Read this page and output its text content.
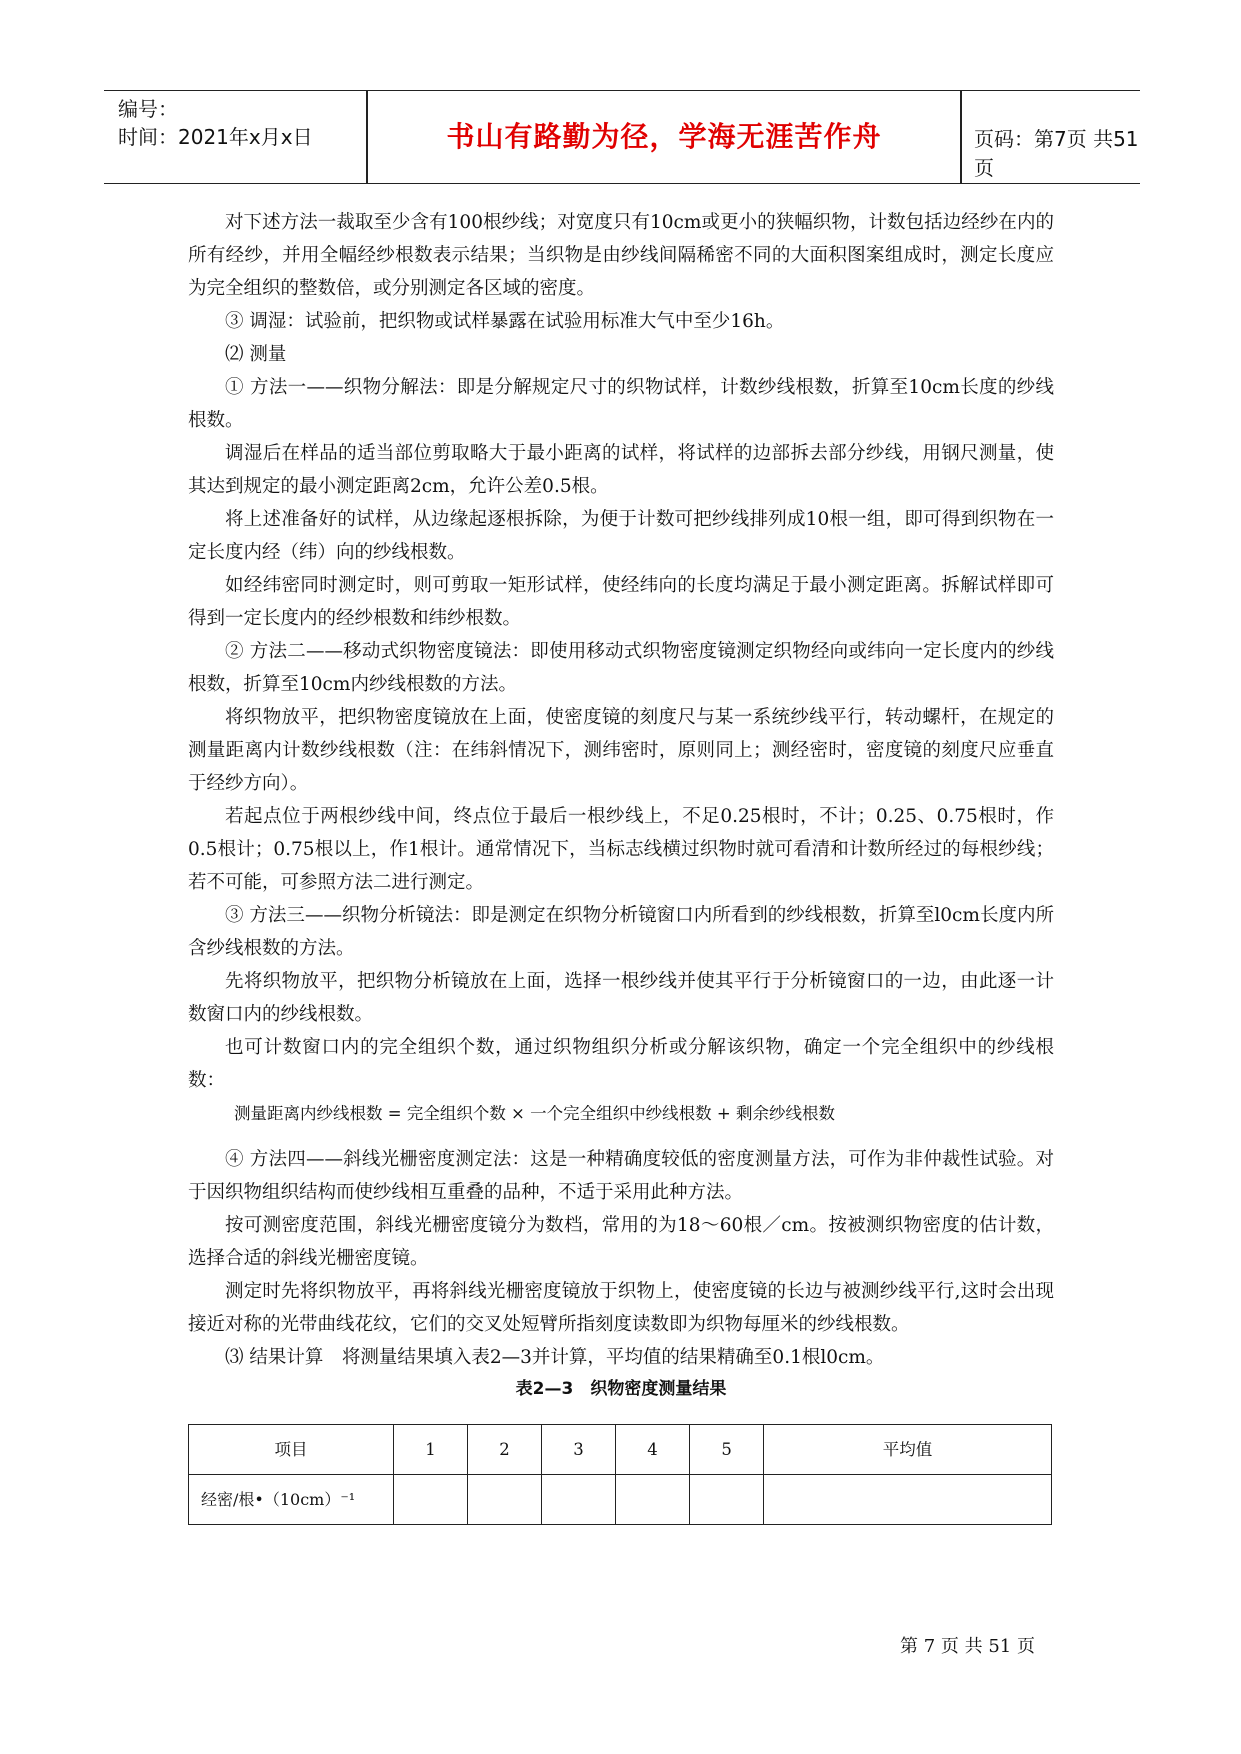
编号：
时间：2021年x月x日	书山有路勤为径，学海无涯苦作舟	页码：第7页 共51页

对下述方法一裁取至少含有100根纱线；对宽度只有10cm或更小的狭幅织物，计数包括边经纱在内的所有经纱，并用全幅经纱根数表示结果；当织物是由纱线间隔稀密不同的大面积图案组成时，测定长度应为完全组织的整数倍，或分别测定各区域的密度。

③ 调湿：试验前，把织物或试样暴露在试验用标准大气中至少16h。

⑵ 测量

① 方法一——织物分解法：即是分解规定尺寸的织物试样，计数纱线根数，折算至10cm长度的纱线根数。

调湿后在样品的适当部位剪取略大于最小距离的试样，将试样的边部拆去部分纱线，用钢尺测量，使其达到规定的最小测定距离2cm，允许公差0.5根。

将上述准备好的试样，从边缘起逐根拆除，为便于计数可把纱线排列成10根一组，即可得到织物在一定长度内经（纬）向的纱线根数。

如经纬密同时测定时，则可剪取一矩形试样，使经纬向的长度均满足于最小测定距离。拆解试样即可得到一定长度内的经纱根数和纬纱根数。

② 方法二——移动式织物密度镜法：即使用移动式织物密度镜测定织物经向或纬向一定长度内的纱线根数，折算至10cm内纱线根数的方法。

将织物放平，把织物密度镜放在上面，使密度镜的刻度尺与某一系统纱线平行，转动螺杆，在规定的测量距离内计数纱线根数（注：在纬斜情况下，测纬密时，原则同上；测经密时，密度镜的刻度尺应垂直于经纱方向）。

若起点位于两根纱线中间，终点位于最后一根纱线上，不足0.25根时，不计；0.25、0.75根时，作0.5根计；0.75根以上，作1根计。通常情况下，当标志线横过织物时就可看清和计数所经过的每根纱线；若不可能，可参照方法二进行测定。

③ 方法三——织物分析镜法：即是测定在织物分析镜窗口内所看到的纱线根数，折算至l0cm长度内所含纱线根数的方法。

先将织物放平，把织物分析镜放在上面，选择一根纱线并使其平行于分析镜窗口的一边，由此逐一计数窗口内的纱线根数。

也可计数窗口内的完全组织个数，通过织物组织分析或分解该织物，确定一个完全组织中的纱线根数：

测量距离内纱线根数 = 完全组织个数 × 一个完全组织中纱线根数 + 剩余纱线根数

④ 方法四——斜线光栅密度测定法：这是一种精确度较低的密度测量方法，可作为非仲裁性试验。对于因织物组织结构而使纱线相互重叠的品种，不适于采用此种方法。

按可测密度范围，斜线光栅密度镜分为数档，常用的为18～60根／cm。按被测织物密度的估计数，选择合适的斜线光栅密度镜。

测定时先将织物放平，再将斜线光栅密度镜放于织物上，使密度镜的长边与被测纱线平行,这时会出现接近对称的光带曲线花纹，它们的交叉处短臂所指刻度读数即为织物每厘米的纱线根数。

⑶ 结果计算　将测量结果填入表2—3并计算，平均值的结果精确至0.1根l0cm。

表2—3　织物密度测量结果
项目	1	2	3	4	5	平均值
经密/根•（10cm）⁻¹						
第 7 页 共 51 页
